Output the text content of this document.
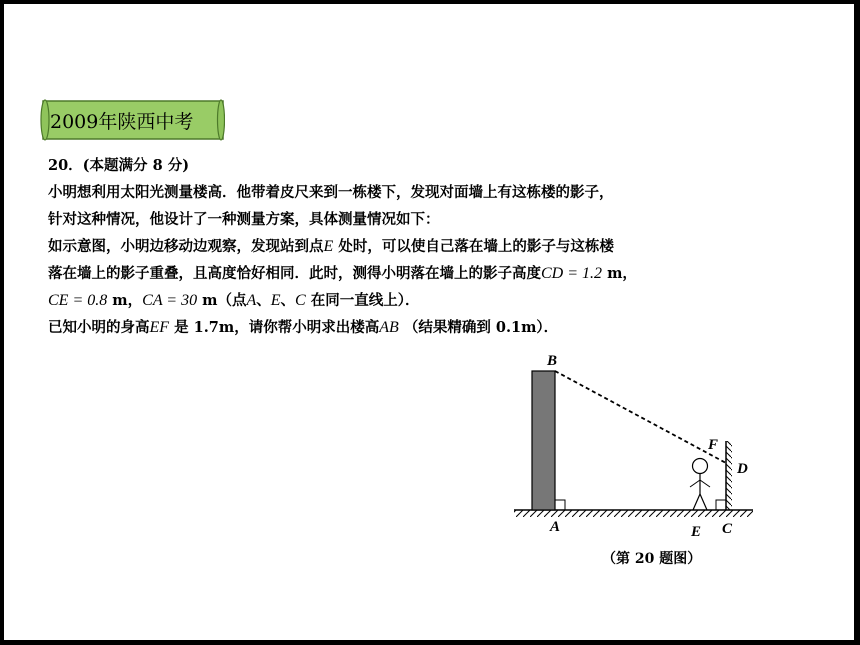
2009年陕西中考
20．(本题满分 8 分)
小明想利用太阳光测量楼高．他带着皮尺来到一栋楼下，发现对面墙上有这栋楼的影子，
针对这种情况，他设计了一种测量方案，具体测量情况如下：
如示意图，小明边移动边观察，发现站到点E 处时，可以使自己落在墙上的影子与这栋楼
落在墙上的影子重叠，且高度恰好相同．此时，测得小明落在墙上的影子高度CD = 1.2 m，
CE = 0.8 m，CA = 30 m（点A、E、C 在同一直线上）．
已知小明的身高EF 是 1.7m，请你帮小明求出楼高AB （结果精确到 0.1m）．
B
F
D
A	E C
（第 20 题图）
